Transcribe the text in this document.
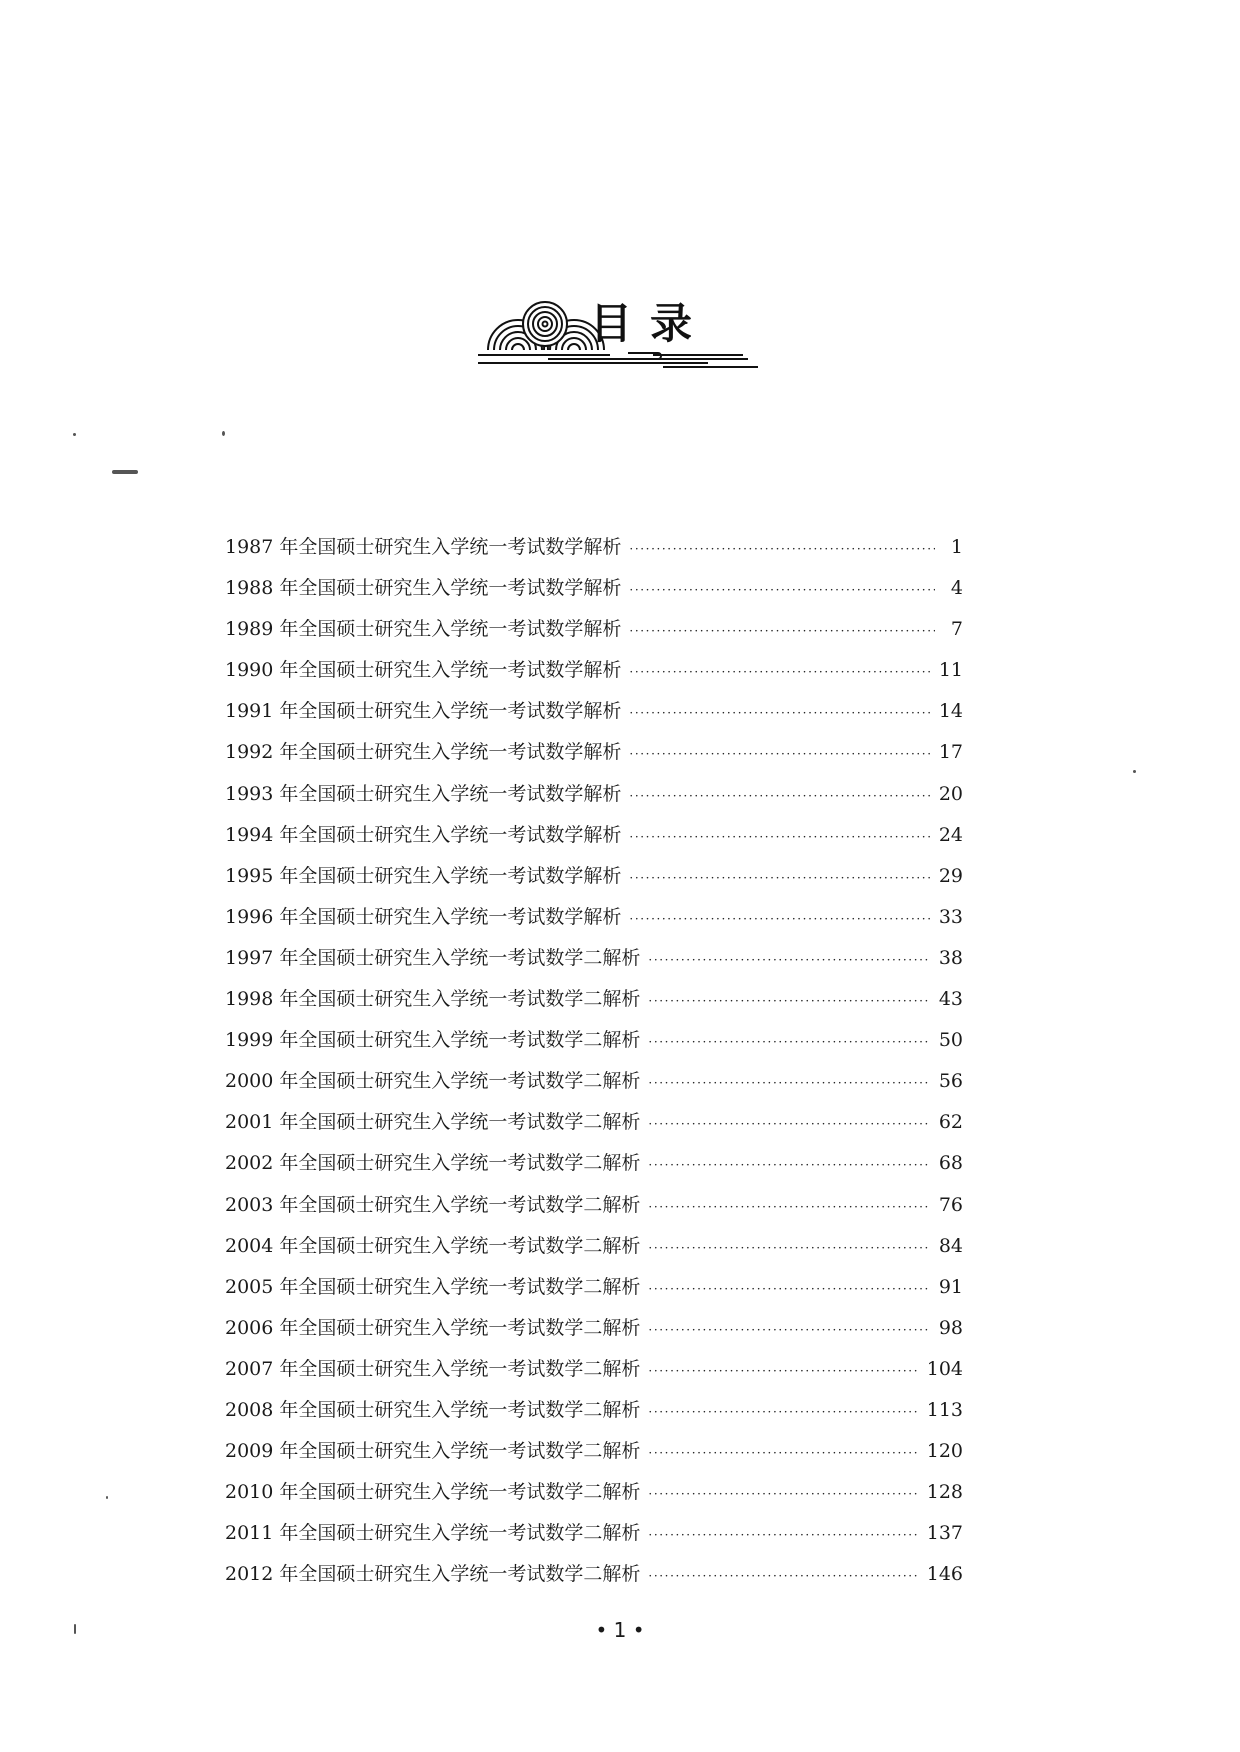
目录
1987 年全国硕士研究生入学统一考试数学解析 ·····	1
1988 年全国硕士研究生入学统一考试数学解析 ·····	4
1989 年全国硕士研究生入学统一考试数学解析 ·····	7
1990 年全国硕士研究生入学统一考试数学解析 ·····	11
1991 年全国硕士研究生入学统一考试数学解析 ·····	14
1992 年全国硕士研究生入学统一考试数学解析 ·····	17
1993 年全国硕士研究生入学统一考试数学解析 ·····	20
1994 年全国硕士研究生入学统一考试数学解析 ·····	24
1995 年全国硕士研究生入学统一考试数学解析 ·····	29
1996 年全国硕士研究生入学统一考试数学解析 ·····	33
1997 年全国硕士研究生入学统一考试数学二解析 ·····	38
1998 年全国硕士研究生入学统一考试数学二解析 ·····	43
1999 年全国硕士研究生入学统一考试数学二解析 ·····	50
2000 年全国硕士研究生入学统一考试数学二解析 ·····	56
2001 年全国硕士研究生入学统一考试数学二解析 ·····	62
2002 年全国硕士研究生入学统一考试数学二解析 ·····	68
2003 年全国硕士研究生入学统一考试数学二解析 ·····	76
2004 年全国硕士研究生入学统一考试数学二解析 ·····	84
2005 年全国硕士研究生入学统一考试数学二解析 ·····	91
2006 年全国硕士研究生入学统一考试数学二解析 ·····	98
2007 年全国硕士研究生入学统一考试数学二解析 ·····	104
2008 年全国硕士研究生入学统一考试数学二解析 ·····	113
2009 年全国硕士研究生入学统一考试数学二解析 ·····	120
2010 年全国硕士研究生入学统一考试数学二解析 ·····	128
2011 年全国硕士研究生入学统一考试数学二解析 ·····	137
2012 年全国硕士研究生入学统一考试数学二解析 ·····	146
• 1 •
